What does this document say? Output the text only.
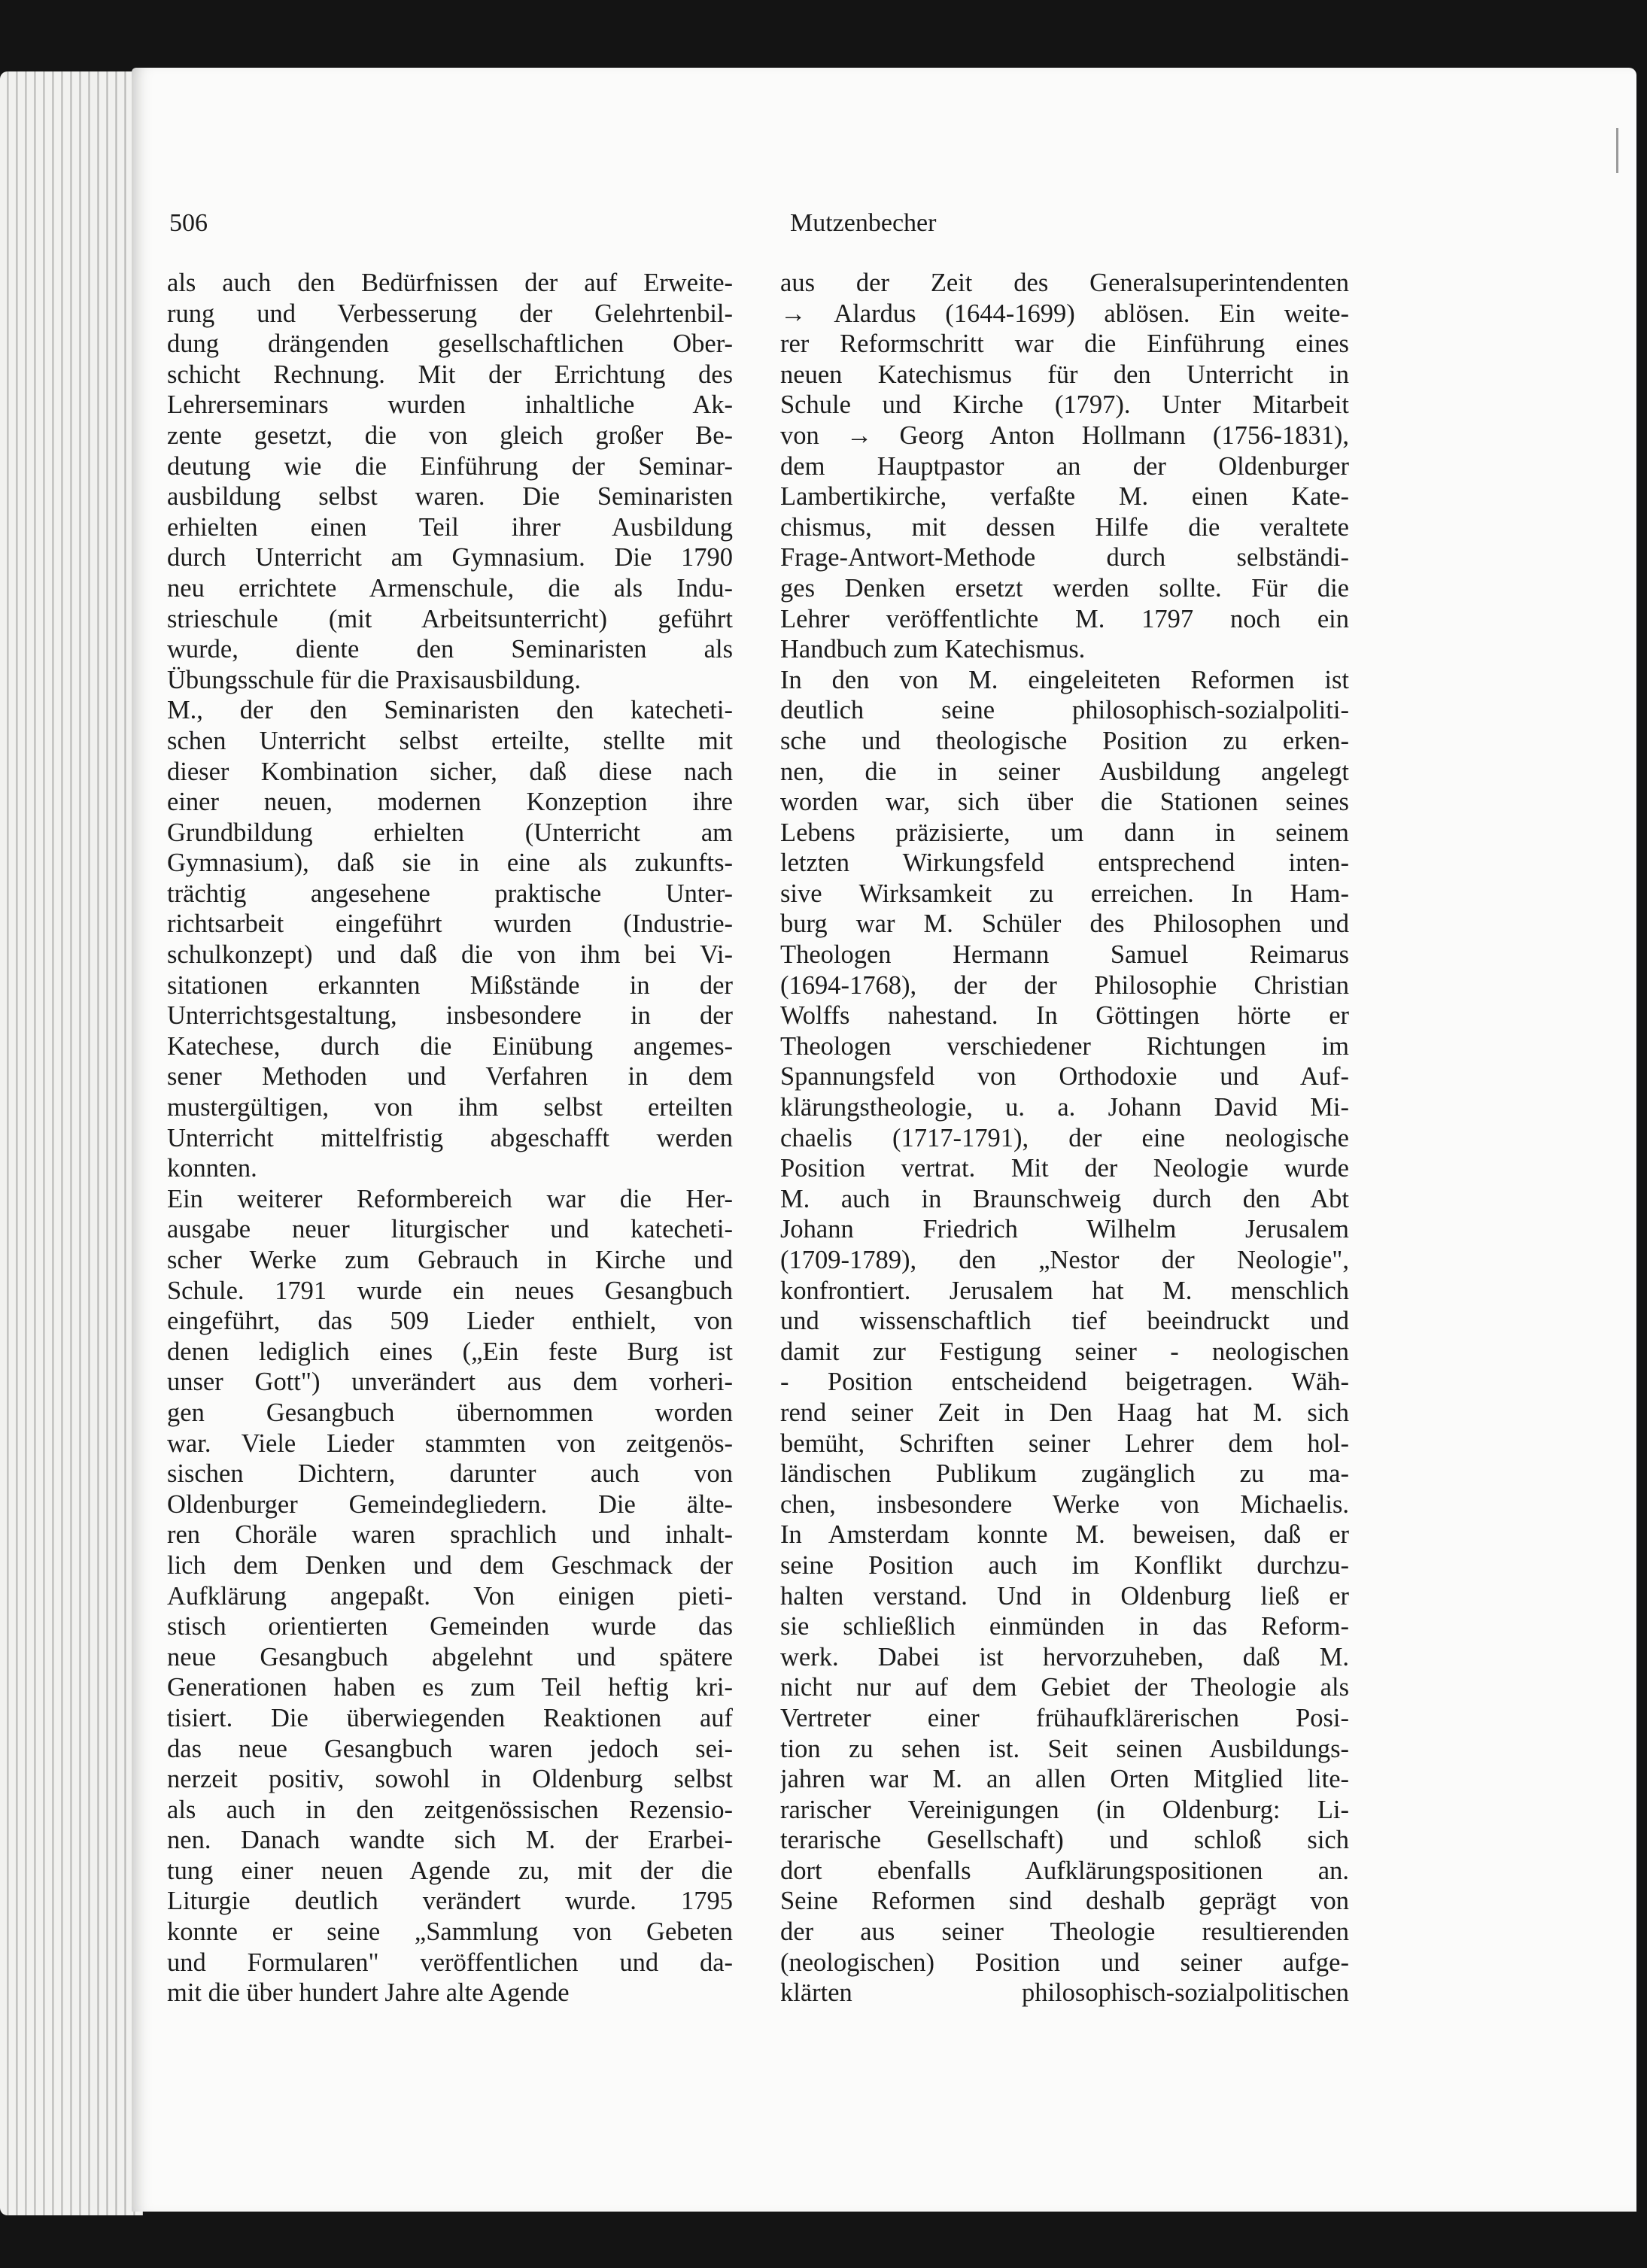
506	Mutzenbecher
als auch den Bedürfnissen der auf Erweite-
rung und Verbesserung der Gelehrtenbil-
dung drängenden gesellschaftlichen Ober-
schicht Rechnung. Mit der Errichtung des
Lehrerseminars wurden inhaltliche Ak-
zente gesetzt, die von gleich großer Be-
deutung wie die Einführung der Seminar-
ausbildung selbst waren. Die Seminaristen
erhielten einen Teil ihrer Ausbildung
durch Unterricht am Gymnasium. Die 1790
neu errichtete Armenschule, die als Indu-
strieschule (mit Arbeitsunterricht) geführt
wurde, diente den Seminaristen als
Übungsschule für die Praxisausbildung.
M., der den Seminaristen den katecheti-
schen Unterricht selbst erteilte, stellte mit
dieser Kombination sicher, daß diese nach
einer neuen, modernen Konzeption ihre
Grundbildung erhielten (Unterricht am
Gymnasium), daß sie in eine als zukunfts-
trächtig angesehene praktische Unter-
richtsarbeit eingeführt wurden (Industrie-
schulkonzept) und daß die von ihm bei Vi-
sitationen erkannten Mißstände in der
Unterrichtsgestaltung, insbesondere in der
Katechese, durch die Einübung angemes-
sener Methoden und Verfahren in dem
mustergültigen, von ihm selbst erteilten
Unterricht mittelfristig abgeschafft werden
konnten.
Ein weiterer Reformbereich war die Her-
ausgabe neuer liturgischer und katecheti-
scher Werke zum Gebrauch in Kirche und
Schule. 1791 wurde ein neues Gesangbuch
eingeführt, das 509 Lieder enthielt, von
denen lediglich eines („Ein feste Burg ist
unser Gott") unverändert aus dem vorheri-
gen Gesangbuch übernommen worden
war. Viele Lieder stammten von zeitgenös-
sischen Dichtern, darunter auch von
Oldenburger Gemeindegliedern. Die älte-
ren Choräle waren sprachlich und inhalt-
lich dem Denken und dem Geschmack der
Aufklärung angepaßt. Von einigen pieti-
stisch orientierten Gemeinden wurde das
neue Gesangbuch abgelehnt und spätere
Generationen haben es zum Teil heftig kri-
tisiert. Die überwiegenden Reaktionen auf
das neue Gesangbuch waren jedoch sei-
nerzeit positiv, sowohl in Oldenburg selbst
als auch in den zeitgenössischen Rezensio-
nen. Danach wandte sich M. der Erarbei-
tung einer neuen Agende zu, mit der die
Liturgie deutlich verändert wurde. 1795
konnte er seine „Sammlung von Gebeten
und Formularen" veröffentlichen und da-
mit die über hundert Jahre alte Agende
aus der Zeit des Generalsuperintendenten
→ Alardus (1644-1699) ablösen. Ein weite-
rer Reformschritt war die Einführung eines
neuen Katechismus für den Unterricht in
Schule und Kirche (1797). Unter Mitarbeit
von → Georg Anton Hollmann (1756-1831),
dem Hauptpastor an der Oldenburger
Lambertikirche, verfaßte M. einen Kate-
chismus, mit dessen Hilfe die veraltete
Frage-Antwort-Methode durch selbständi-
ges Denken ersetzt werden sollte. Für die
Lehrer veröffentlichte M. 1797 noch ein
Handbuch zum Katechismus.
In den von M. eingeleiteten Reformen ist
deutlich seine philosophisch-sozialpoliti-
sche und theologische Position zu erken-
nen, die in seiner Ausbildung angelegt
worden war, sich über die Stationen seines
Lebens präzisierte, um dann in seinem
letzten Wirkungsfeld entsprechend inten-
sive Wirksamkeit zu erreichen. In Ham-
burg war M. Schüler des Philosophen und
Theologen Hermann Samuel Reimarus
(1694-1768), der der Philosophie Christian
Wolffs nahestand. In Göttingen hörte er
Theologen verschiedener Richtungen im
Spannungsfeld von Orthodoxie und Auf-
klärungstheologie, u. a. Johann David Mi-
chaelis (1717-1791), der eine neologische
Position vertrat. Mit der Neologie wurde
M. auch in Braunschweig durch den Abt
Johann Friedrich Wilhelm Jerusalem
(1709-1789), den „Nestor der Neologie",
konfrontiert. Jerusalem hat M. menschlich
und wissenschaftlich tief beeindruckt und
damit zur Festigung seiner - neologischen
- Position entscheidend beigetragen. Wäh-
rend seiner Zeit in Den Haag hat M. sich
bemüht, Schriften seiner Lehrer dem hol-
ländischen Publikum zugänglich zu ma-
chen, insbesondere Werke von Michaelis.
In Amsterdam konnte M. beweisen, daß er
seine Position auch im Konflikt durchzu-
halten verstand. Und in Oldenburg ließ er
sie schließlich einmünden in das Reform-
werk. Dabei ist hervorzuheben, daß M.
nicht nur auf dem Gebiet der Theologie als
Vertreter einer frühaufklärerischen Posi-
tion zu sehen ist. Seit seinen Ausbildungs-
jahren war M. an allen Orten Mitglied lite-
rarischer Vereinigungen (in Oldenburg: Li-
terarische Gesellschaft) und schloß sich
dort ebenfalls Aufklärungspositionen an.
Seine Reformen sind deshalb geprägt von
der aus seiner Theologie resultierenden
(neologischen) Position und seiner aufge-
klärten philosophisch-sozialpolitischen
